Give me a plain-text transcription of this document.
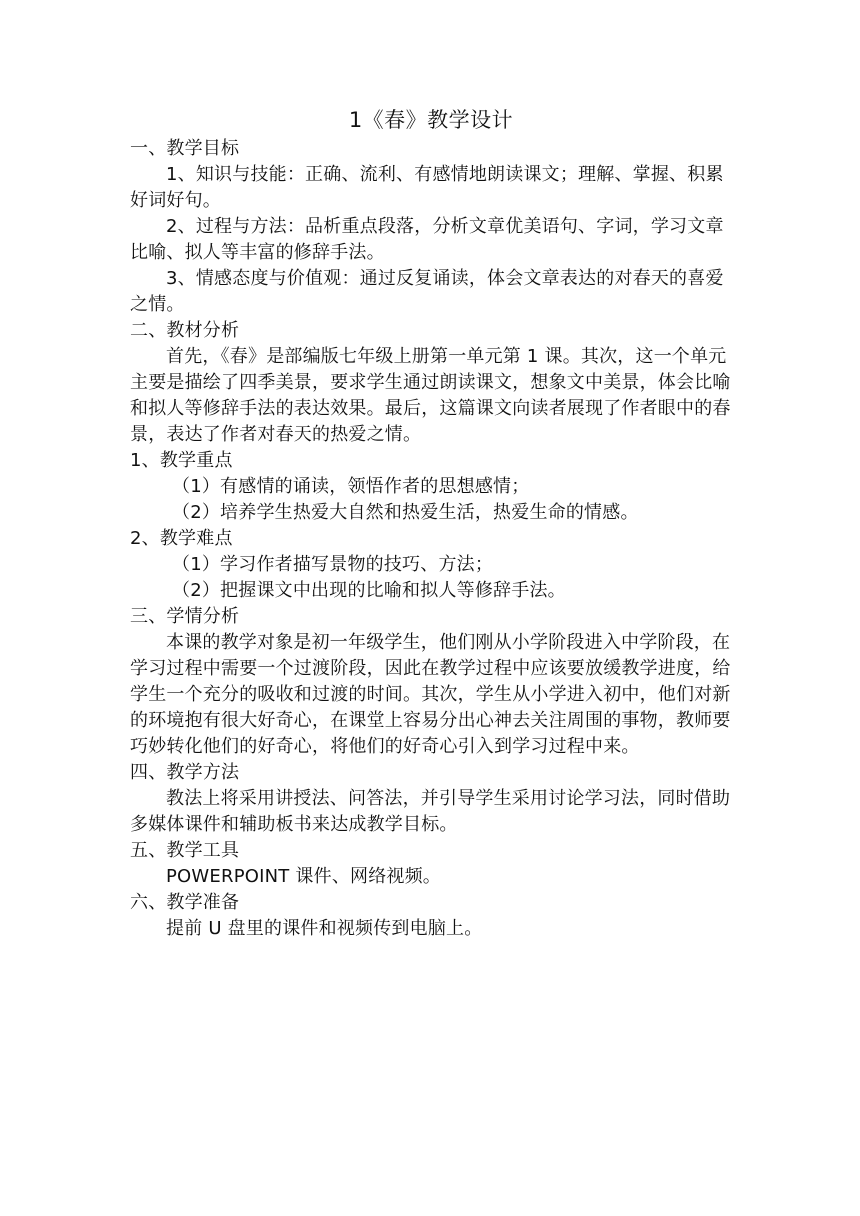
1《春》教学设计
一、教学目标
1、知识与技能：正确、流利、有感情地朗读课文；理解、掌握、积累好词好句。
2、过程与方法：品析重点段落，分析文章优美语句、字词，学习文章比喻、拟人等丰富的修辞手法。
3、情感态度与价值观：通过反复诵读，体会文章表达的对春天的喜爱之情。
二、教材分析
首先，《春》是部编版七年级上册第一单元第 1 课。其次，这一个单元主要是描绘了四季美景，要求学生通过朗读课文，想象文中美景，体会比喻和拟人等修辞手法的表达效果。最后，这篇课文向读者展现了作者眼中的春景，表达了作者对春天的热爱之情。
1、教学重点
（1）有感情的诵读，领悟作者的思想感情；
（2）培养学生热爱大自然和热爱生活，热爱生命的情感。
2、教学难点
（1）学习作者描写景物的技巧、方法；
（2）把握课文中出现的比喻和拟人等修辞手法。
三、学情分析
本课的教学对象是初一年级学生，他们刚从小学阶段进入中学阶段，在学习过程中需要一个过渡阶段，因此在教学过程中应该要放缓教学进度，给学生一个充分的吸收和过渡的时间。其次，学生从小学进入初中，他们对新的环境抱有很大好奇心，在课堂上容易分出心神去关注周围的事物，教师要巧妙转化他们的好奇心，将他们的好奇心引入到学习过程中来。
四、教学方法
教法上将采用讲授法、问答法，并引导学生采用讨论学习法，同时借助多媒体课件和辅助板书来达成教学目标。
五、教学工具
POWERPOINT 课件、网络视频。
六、教学准备
提前 U 盘里的课件和视频传到电脑上。
